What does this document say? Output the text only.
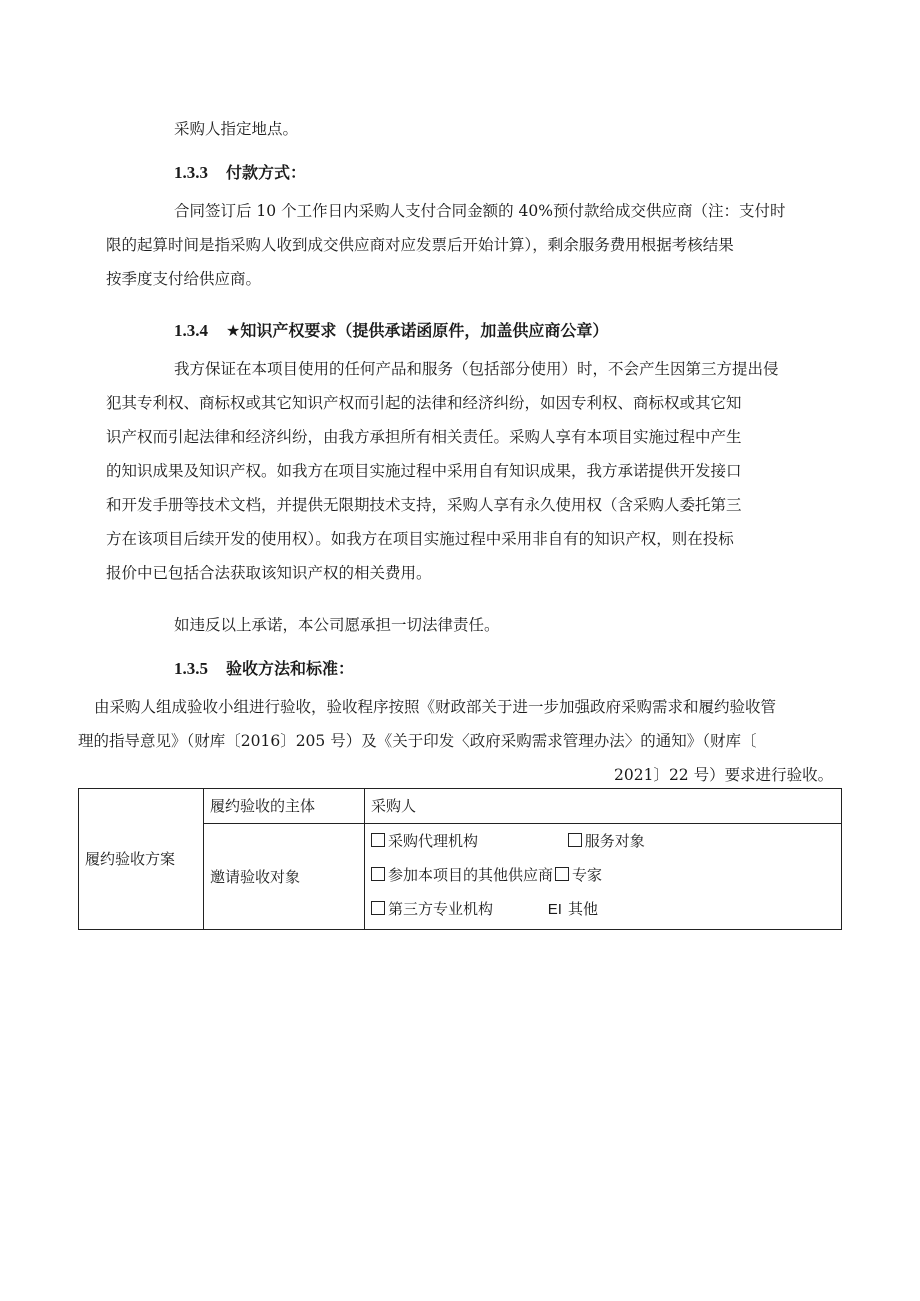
采购人指定地点。
1.3.3 付款方式：
合同签订后 10 个工作日内采购人支付合同金额的 40%预付款给成交供应商（注：支付时
限的起算时间是指采购人收到成交供应商对应发票后开始计算），剩余服务费用根据考核结果
按季度支付给供应商。
1.3.4 ★知识产权要求（提供承诺函原件，加盖供应商公章）
我方保证在本项目使用的任何产品和服务（包括部分使用）时，不会产生因第三方提出侵
犯其专利权、商标权或其它知识产权而引起的法律和经济纠纷，如因专利权、商标权或其它知
识产权而引起法律和经济纠纷，由我方承担所有相关责任。采购人享有本项目实施过程中产生
的知识成果及知识产权。如我方在项目实施过程中采用自有知识成果，我方承诺提供开发接口
和开发手册等技术文档，并提供无限期技术支持，采购人享有永久使用权（含采购人委托第三
方在该项目后续开发的使用权）。如我方在项目实施过程中采用非自有的知识产权，则在投标
报价中已包括合法获取该知识产权的相关费用。
如违反以上承诺，本公司愿承担一切法律责任。
1.3.5 验收方法和标准：
由采购人组成验收小组进行验收，验收程序按照《财政部关于进一步加强政府采购需求和履约验收管
理的指导意见》（财库〔2016〕205 号）及《关于印发〈政府采购需求管理办法〉的通知》（财库〔
2021〕22 号）要求进行验收。
履约验收方案	履约验收的主体	采购人
	邀请验收对象	采购代理机构 服务对象
参加本项目的其他供应商 专家
第三方专业机构 EI 其他
